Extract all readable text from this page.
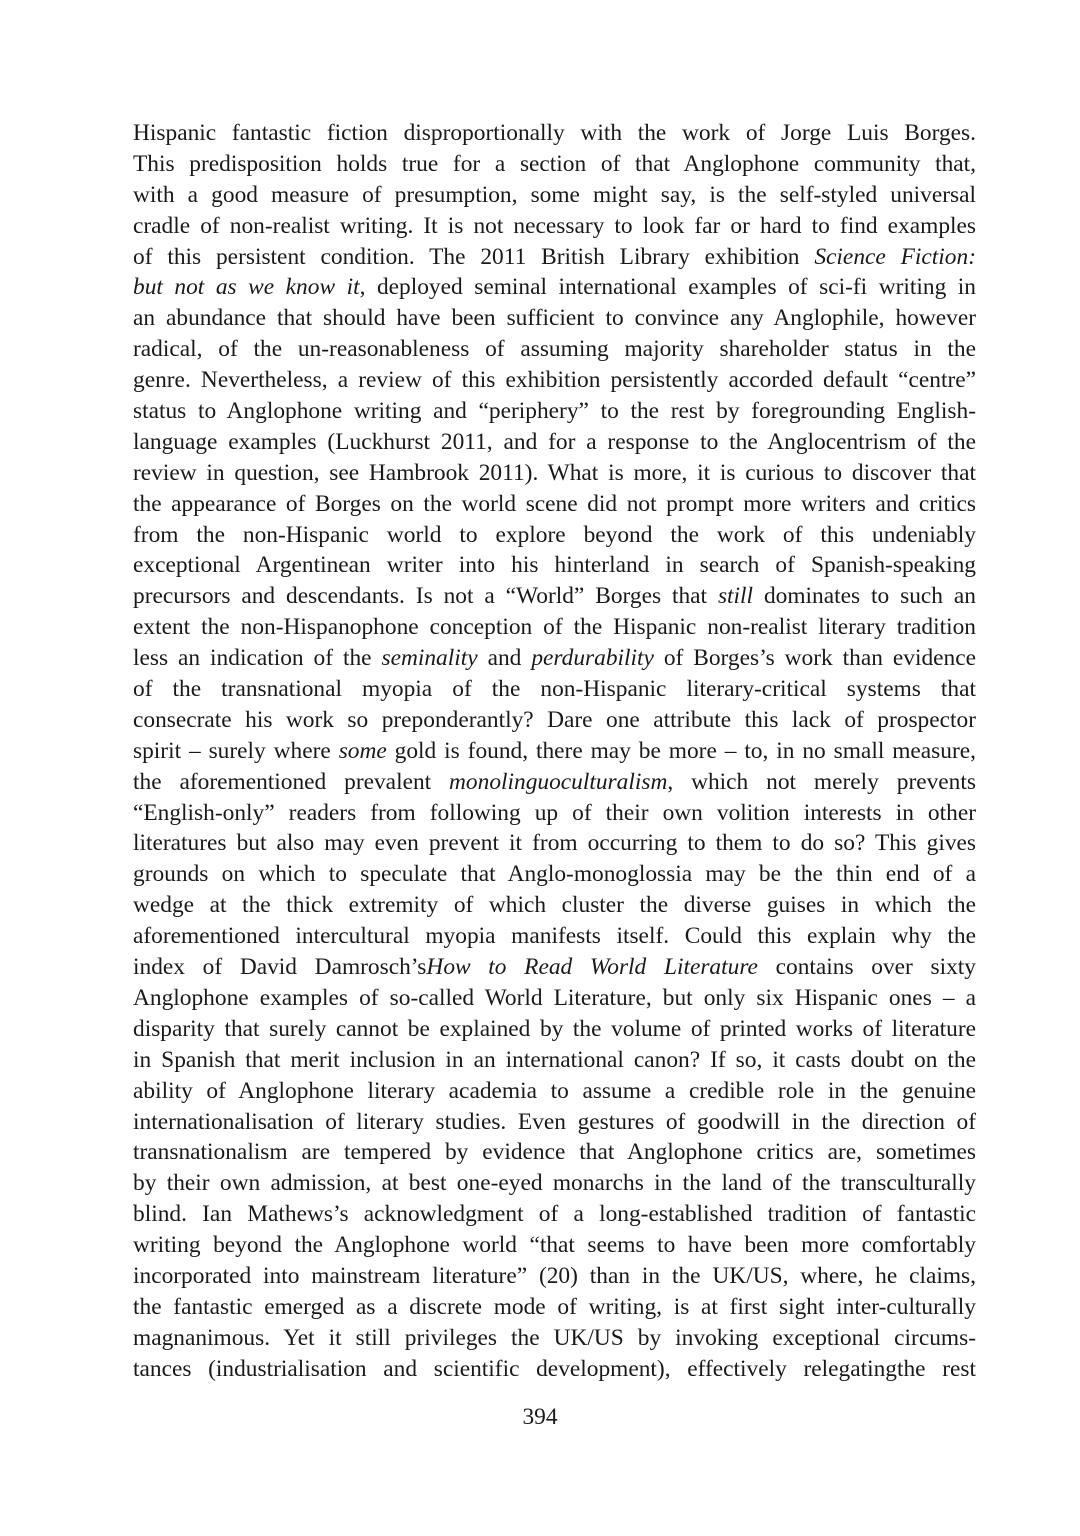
Hispanic fantastic fiction disproportionally with the work of Jorge Luis Borges.
This predisposition holds true for a section of that Anglophone community that,
with a good measure of presumption, some might say, is the self-styled universal
cradle of non-realist writing. It is not necessary to look far or hard to find examples
of this persistent condition. The 2011 British Library exhibition Science Fiction:
but not as we know it, deployed seminal international examples of sci-fi writing in
an abundance that should have been sufficient to convince any Anglophile, however
radical, of the un-reasonableness of assuming majority shareholder status in the
genre. Nevertheless, a review of this exhibition persistently accorded default “centre”
status to Anglophone writing and “periphery” to the rest by foregrounding English-
language examples (Luckhurst 2011, and for a response to the Anglocentrism of the
review in question, see Hambrook 2011). What is more, it is curious to discover that
the appearance of Borges on the world scene did not prompt more writers and critics
from the non-Hispanic world to explore beyond the work of this undeniably
exceptional Argentinean writer into his hinterland in search of Spanish-speaking
precursors and descendants. Is not a “World” Borges that still dominates to such an
extent the non-Hispanophone conception of the Hispanic non-realist literary tradition
less an indication of the seminality and perdurability of Borges’s work than evidence
of the transnational myopia of the non-Hispanic literary-critical systems that
consecrate his work so preponderantly? Dare one attribute this lack of prospector
spirit – surely where some gold is found, there may be more – to, in no small measure,
the aforementioned prevalent monolinguoculturalism, which not merely prevents
“English-only” readers from following up of their own volition interests in other
literatures but also may even prevent it from occurring to them to do so? This gives
grounds on which to speculate that Anglo-monoglossia may be the thin end of a
wedge at the thick extremity of which cluster the diverse guises in which the
aforementioned intercultural myopia manifests itself. Could this explain why the
index of David Damrosch’sHow to Read World Literature contains over sixty
Anglophone examples of so-called World Literature, but only six Hispanic ones – a
disparity that surely cannot be explained by the volume of printed works of literature
in Spanish that merit inclusion in an international canon? If so, it casts doubt on the
ability of Anglophone literary academia to assume a credible role in the genuine
internationalisation of literary studies. Even gestures of goodwill in the direction of
transnationalism are tempered by evidence that Anglophone critics are, sometimes
by their own admission, at best one-eyed monarchs in the land of the transculturally
blind. Ian Mathews’s acknowledgment of a long-established tradition of fantastic
writing beyond the Anglophone world “that seems to have been more comfortably
incorporated into mainstream literature” (20) than in the UK/US, where, he claims,
the fantastic emerged as a discrete mode of writing, is at first sight inter-culturally
magnanimous. Yet it still privileges the UK/US by invoking exceptional circums-
tances (industrialisation and scientific development), effectively relegatingthe rest
394
